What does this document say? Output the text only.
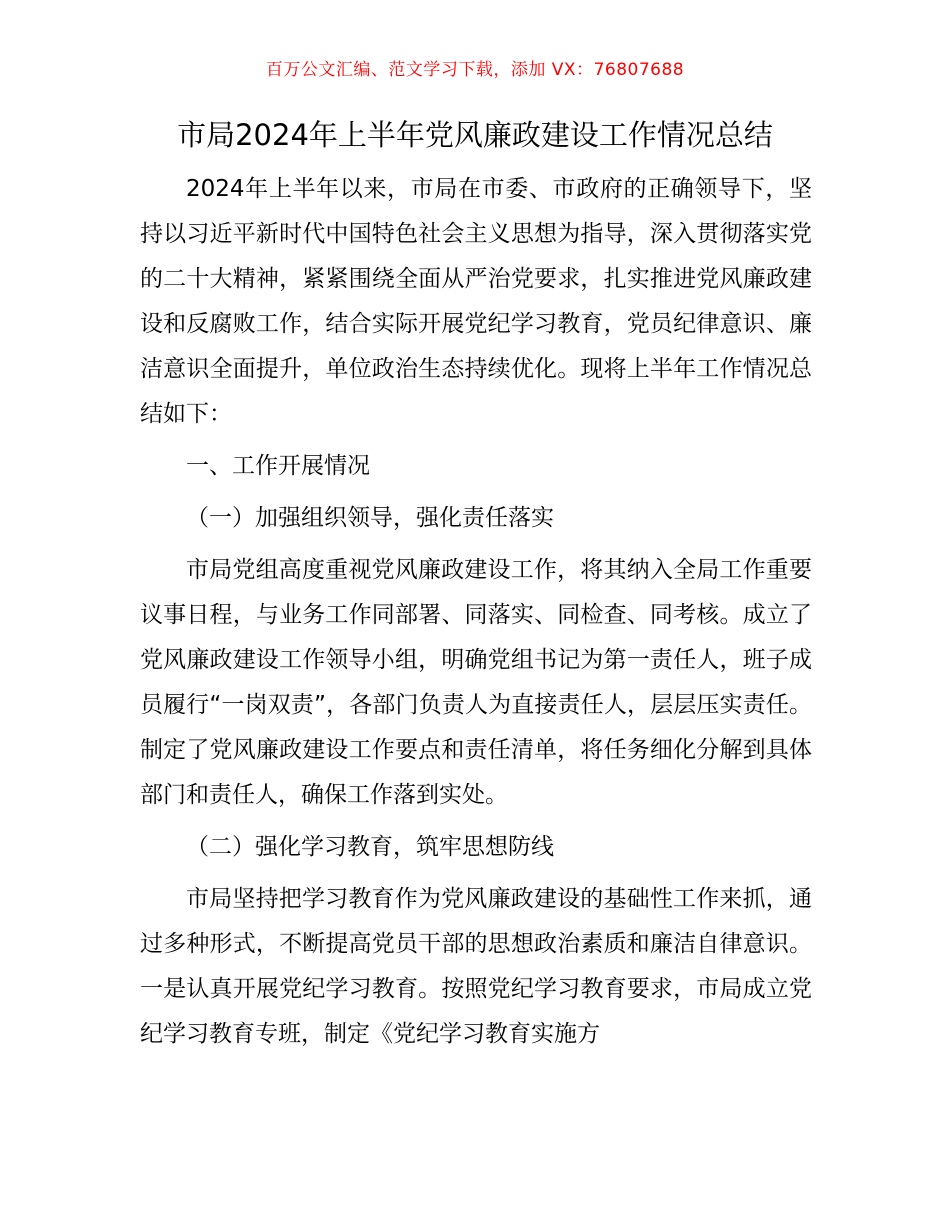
百万公文汇编、范文学习下载，添加 VX：76807688
市局2024年上半年党风廉政建设工作情况总结

2024年上半年以来，市局在市委、市政府的正确领导下，坚持以习近平新时代中国特色社会主义思想为指导，深入贯彻落实党的二十大精神，紧紧围绕全面从严治党要求，扎实推进党风廉政建设和反腐败工作，结合实际开展党纪学习教育，党员纪律意识、廉洁意识全面提升，单位政治生态持续优化。现将上半年工作情况总结如下：

一、工作开展情况

（一）加强组织领导，强化责任落实

市局党组高度重视党风廉政建设工作，将其纳入全局工作重要议事日程，与业务工作同部署、同落实、同检查、同考核。成立了党风廉政建设工作领导小组，明确党组书记为第一责任人，班子成员履行“一岗双责”，各部门负责人为直接责任人，层层压实责任。制定了党风廉政建设工作要点和责任清单，将任务细化分解到具体部门和责任人，确保工作落到实处。

（二）强化学习教育，筑牢思想防线

市局坚持把学习教育作为党风廉政建设的基础性工作来抓，通过多种形式，不断提高党员干部的思想政治素质和廉洁自律意识。一是认真开展党纪学习教育。按照党纪学习教育要求，市局成立党纪学习教育专班，制定《党纪学习教育实施方
